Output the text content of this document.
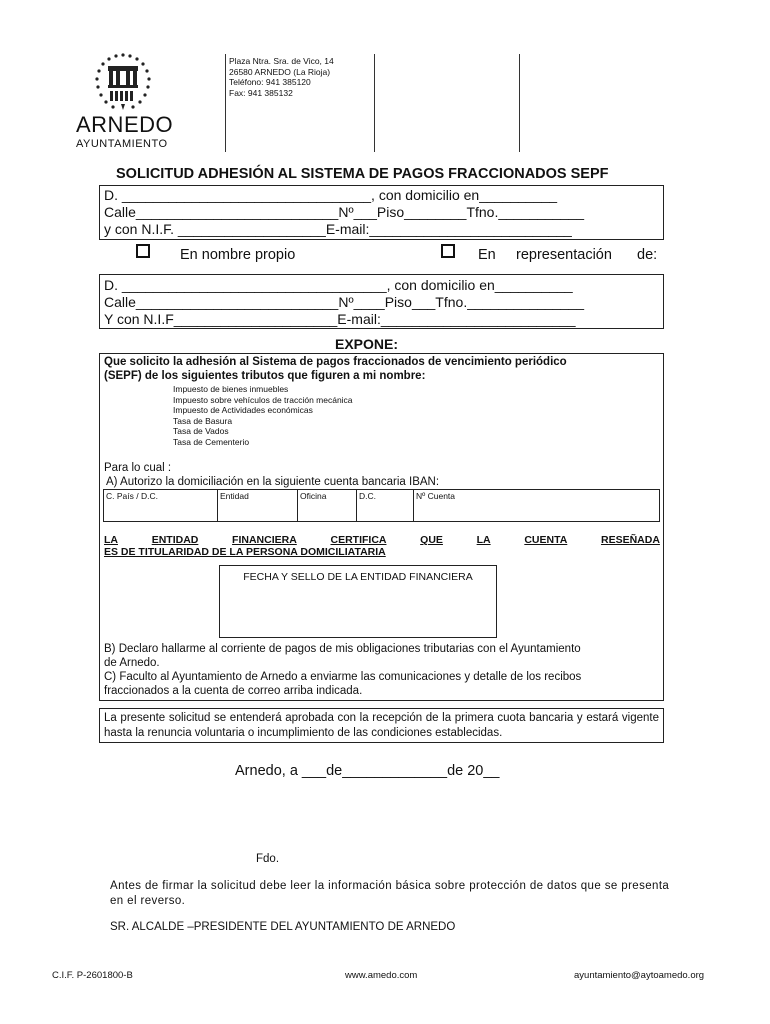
ARNEDO
AYUNTAMIENTO
Plaza Ntra. Sra. de Vico, 14
26580 ARNEDO (La Rioja)
Teléfono: 941 385120
Fax: 941 385132
SOLICITUD ADHESIÓN AL SISTEMA DE PAGOS FRACCIONADOS SEPF
D. ________________________________, con domicilio en__________
Calle__________________________Nº___Piso________Tfno.___________
y con N.I.F. ___________________E-mail:__________________________
En nombre propio	En representación de:
D. __________________________________, con domicilio en__________
Calle__________________________Nº____Piso___Tfno._______________
Y con N.I.F_____________________E-mail:_________________________
EXPONE:
Que solicito la adhesión al Sistema de pagos fraccionados de vencimiento periódico
(SEPF) de los siguientes tributos que figuren a mi nombre:
Impuesto de bienes inmuebles
Impuesto sobre vehículos de tracción mecánica
Impuesto de Actividades económicas
Tasa de Basura
Tasa de Vados
Tasa de Cementerio
Para lo cual :
A) Autorizo la domiciliación en la siguiente cuenta bancaria IBAN:
C. País / D.C.	Entidad	Oficina	D.C.	Nº Cuenta
LA	ENTIDAD	FINANCIERA	CERTIFICA	QUE	LA	CUENTA	RESEÑADA
ES DE TITULARIDAD DE LA PERSONA DOMICILIATARIA
FECHA Y SELLO DE LA ENTIDAD FINANCIERA
B) Declaro hallarme al corriente de pagos de mis obligaciones tributarias con el Ayuntamiento
de Arnedo.
C) Faculto al Ayuntamiento de Arnedo a enviarme las comunicaciones y detalle de los recibos
fraccionados a la cuenta de correo arriba indicada.
La presente solicitud se entenderá aprobada con la recepción de la primera cuota bancaria y estará vigente hasta la renuncia voluntaria o incumplimiento de las condiciones establecidas.
Arnedo, a ___de_____________de 20__
Fdo.
Antes de firmar la solicitud debe leer la información básica sobre protección de datos que se presenta en el reverso.
SR. ALCALDE –PRESIDENTE DEL AYUNTAMIENTO DE ARNEDO
C.I.F. P-2601800-B	www.amedo.com	ayuntamiento@aytoamedo.org
